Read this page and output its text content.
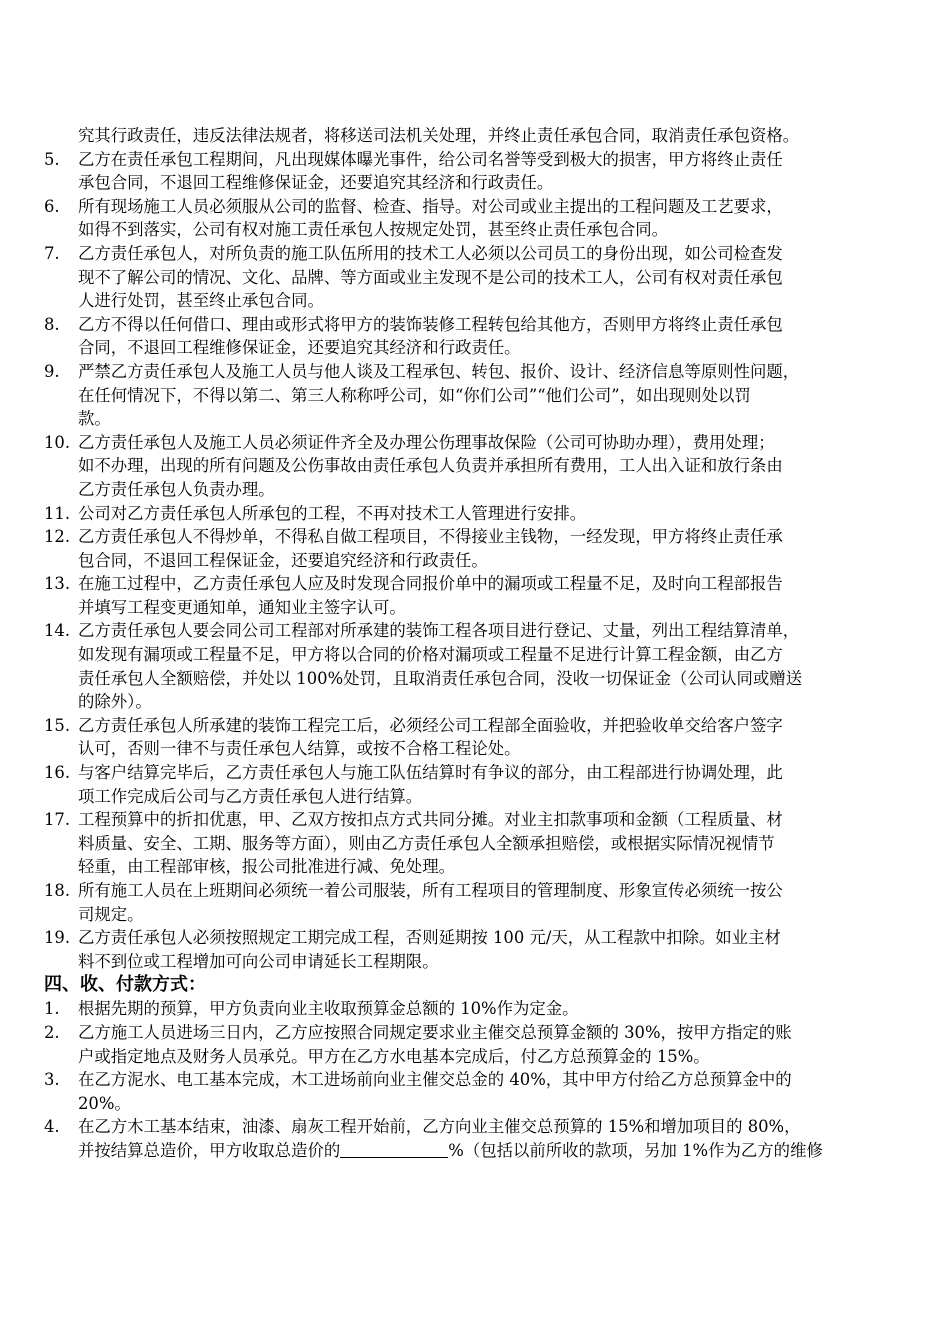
究其行政责任，违反法律法规者，将移送司法机关处理，并终止责任承包合同，取消责任承包资格。

5.	乙方在责任承包工程期间，凡出现媒体曝光事件，给公司名誉等受到极大的损害，甲方将终止责任
承包合同，不退回工程维修保证金，还要追究其经济和行政责任。
6.	所有现场施工人员必须服从公司的监督、检查、指导。对公司或业主提出的工程问题及工艺要求，
如得不到落实，公司有权对施工责任承包人按规定处罚，甚至终止责任承包合同。
7.	乙方责任承包人，对所负责的施工队伍所用的技术工人必须以公司员工的身份出现，如公司检查发
现不了解公司的情况、文化、品牌、等方面或业主发现不是公司的技术工人，公司有权对责任承包
人进行处罚，甚至终止承包合同。
8.	乙方不得以任何借口、理由或形式将甲方的装饰装修工程转包给其他方，否则甲方将终止责任承包
合同，不退回工程维修保证金，还要追究其经济和行政责任。
9.	严禁乙方责任承包人及施工人员与他人谈及工程承包、转包、报价、设计、经济信息等原则性问题，
在任何情况下，不得以第二、第三人称称呼公司，如“你们公司”“他们公司”，如出现则处以罚
款。
10. 乙方责任承包人及施工人员必须证件齐全及办理公伤理事故保险（公司可协助办理），费用处理；
如不办理，出现的所有问题及公伤事故由责任承包人负责并承担所有费用，工人出入证和放行条由
乙方责任承包人负责办理。
11. 公司对乙方责任承包人所承包的工程，不再对技术工人管理进行安排。
12. 乙方责任承包人不得炒单，不得私自做工程项目，不得接业主钱物，一经发现，甲方将终止责任承
包合同，不退回工程保证金，还要追究经济和行政责任。
13. 在施工过程中，乙方责任承包人应及时发现合同报价单中的漏项或工程量不足，及时向工程部报告
并填写工程变更通知单，通知业主签字认可。
14. 乙方责任承包人要会同公司工程部对所承建的装饰工程各项目进行登记、丈量，列出工程结算清单，
如发现有漏项或工程量不足，甲方将以合同的价格对漏项或工程量不足进行计算工程金额，由乙方
责任承包人全额赔偿，并处以 100%处罚，且取消责任承包合同，没收一切保证金（公司认同或赠送
的除外）。
15. 乙方责任承包人所承建的装饰工程完工后，必须经公司工程部全面验收，并把验收单交给客户签字
认可，否则一律不与责任承包人结算，或按不合格工程论处。
16. 与客户结算完毕后，乙方责任承包人与施工队伍结算时有争议的部分，由工程部进行协调处理，此
项工作完成后公司与乙方责任承包人进行结算。
17. 工程预算中的折扣优惠，甲、乙双方按扣点方式共同分摊。对业主扣款事项和金额（工程质量、材
料质量、安全、工期、服务等方面），则由乙方责任承包人全额承担赔偿，或根据实际情况视情节
轻重，由工程部审核，报公司批准进行减、免处理。
18. 所有施工人员在上班期间必须统一着公司服装，所有工程项目的管理制度、形象宣传必须统一按公
司规定。
19. 乙方责任承包人必须按照规定工期完成工程，否则延期按 100 元/天，从工程款中扣除。如业主材
料不到位或工程增加可向公司申请延长工程期限。

四、收、付款方式：

1.	根据先期的预算，甲方负责向业主收取预算金总额的 10%作为定金。
2.	乙方施工人员进场三日内，乙方应按照合同规定要求业主催交总预算金额的 30%，按甲方指定的账
户或指定地点及财务人员承兑。甲方在乙方水电基本完成后，付乙方总预算金的 15%。
3.	在乙方泥水、电工基本完成，木工进场前向业主催交总金的 40%，其中甲方付给乙方总预算金中的
20%。
4.	在乙方木工基本结束，油漆、扇灰工程开始前，乙方向业主催交总预算的 15%和增加项目的 80%，
并按结算总造价，甲方收取总造价的	%（包括以前所收的款项，另加 1%作为乙方的维修
